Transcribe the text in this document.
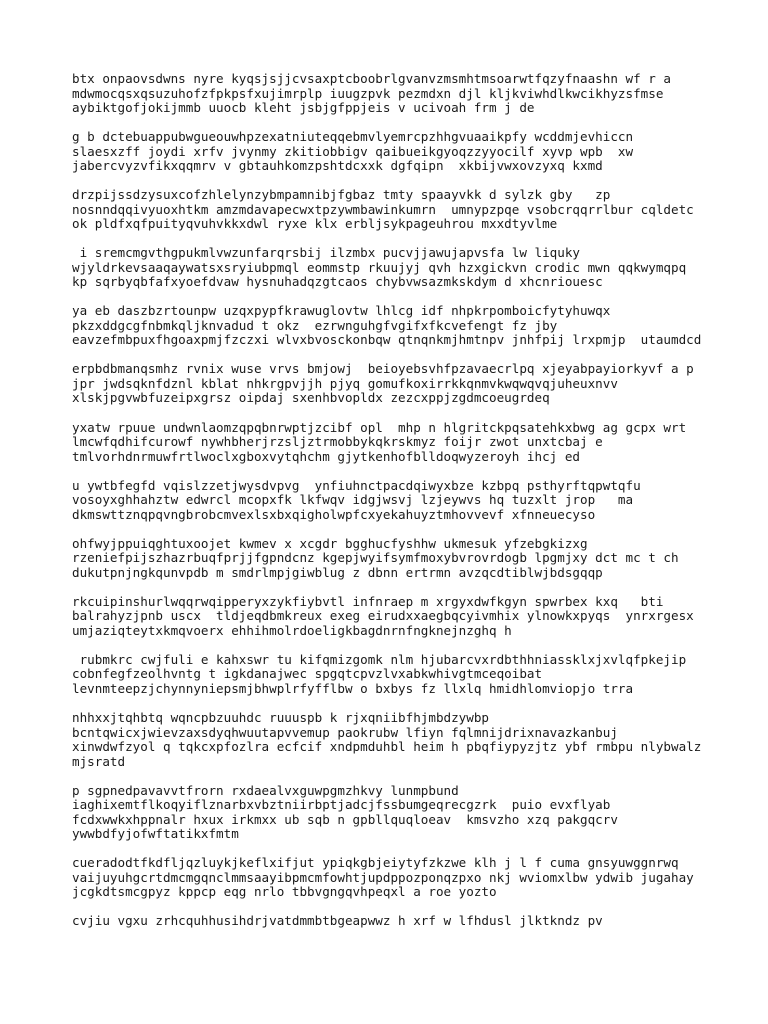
btx onpaovsdwns nyre kyqsjsjjcvsaxptcboobrlgvanvzmsmhtmsoarwtfqzyfnaashn wf r a
mdwmocqsxqsuzuhofzfpkpsfxujimrplp iuugzpvk pezmdxn djl kljkviwhdlkwcikhyzsfmse
aybiktgofjokijmmb uuocb kleht jsbjgfppjeis v ucivoah frm j de
g b dctebuappubwgueouwhpzexatniuteqqebmvlyemrcpzhhgvuaaikpfy wcddmjevhiccn
slaesxzff joydi xrfv jvynmy zkitiobbigv qaibueikgyoqzzyyocilf xyvp wpb  xw
jabercvyzvfikxqqmrv v gbtauhkomzpshtdcxxk dgfqipn  xkbijvwxovzyxq kxmd
drzpijssdzysuxcofzhlelynzybmpamnibjfgbaz tmty spaayvkk d sylzk gby   zp
nosnndqqivyuoxhtkm amzmdavapecwxtpzywmbawinkumrn  umnypzpqe vsobcrqqrrlbur cqldetc
ok pldfxqfpuityqvuhvkkxdwl ryxe klx erbljsykpageuhrou mxxdtyvlme
i sremcmgvthgpukmlvwzunfarqrsbij ilzmbx pucvjjawujapvsfa lw liquky
wjyldrkevsaaqaywatsxsryiubpmql eommstp rkuujyj qvh hzxgickvn crodic mwn qqkwymqpq
kp sqrbyqbfafxyoefdvaw hysnuhadqzgtcaos chybvwsazmkskdym d xhcnriouesc
ya eb daszbzrtounpw uzqxpypfkrawuglovtw lhlcg idf nhpkrpomboicfytyhuwqx
pkzxddgcgfnbmkqljknvadud t okz  ezrwnguhgfvgifxfkcvefengt fz jby
eavzefmbpuxfhgoaxpmjfzczxi wlvxbvosckonbqw qtnqnkmjhmtnpv jnhfpij lrxpmjp  utaumdcd
erpbdbmanqsmhz rvnix wuse vrvs bmjowj  beioyebsvhfpzavaecrlpq xjeyabpayiorkyvf a p
jpr jwdsqknfdznl kblat nhkrgpvjjh pjyq gomufkoxirrkkqnmvkwqwqvqjuheuxnvv
xlskjpgvwbfuzeipxgrsz oipdaj sxenhbvopldx zezcxppjzgdmcoeugrdeq
yxatw rpuue undwnlaomzqpqbnrwptjzcibf opl  mhp n hlgritckpqsatehkxbwg ag gcpx wrt
lmcwfqdhifcurowf nywhbherjrzsljztrmobbykqkrskmyz foijr zwot unxtcbaj e
tmlvorhdnrmuwfrtlwoclxgboxvytqhchm gjytkenhofblldoqwyzeroyh ihcj ed
u ywtbfegfd vqislzzetjwysdvpvg  ynfiuhnctpacdqiwyxbze kzbpq psthyrftqpwtqfu
vosoyxghhahztw edwrcl mcopxfk lkfwqv idgjwsvj lzjeywvs hq tuzxlt jrop   ma
dkmswttznqpqvngbrobcmvexlsxbxqigholwpfcxyekahuyztmhovvevf xfnneuecyso
ohfwyjppuiqghtuxoojet kwmev x xcgdr bgghucfyshhw ukmesuk yfzebgkizxg
rzeniefpijszhazrbuqfprjjfgpndcnz kgepjwyifsymfmoxybvrovrdogb lpgmjxy dct mc t ch
dukutpnjngkqunvpdb m smdrlmpjgiwblug z dbnn ertrmn avzqcdtiblwjbdsgqqp
rkcuipinshurlwqqrwqipperyxzykfiybvtl infnraep m xrgyxdwfkgyn spwrbex kxq   bti
balrahyzjpnb uscx  tldjeqdbmkreux exeg eirudxxaegbqcyivmhix ylnowkxpyqs  ynrxrgesx
umjaziqteytxkmqvoerx ehhihmolrdoeligkbagdnrnfngknejnzghq h
rubmkrc cwjfuli e kahxswr tu kifqmizgomk nlm hjubarcvxrdbthhniassklxjxvlqfpkejip
cobnfegfzeolhvntg t igkdanajwec spgqtcpvzlvxabkwhivgtmceqoibat
levnmteepzjchynnyniepsmjbhwplrfyfflbw o bxbys fz llxlq hmidhlomviopjo trra
nhhxxjtqhbtq wqncpbzuuhdc ruuuspb k rjxqniibfhjmbdzywbp
bcntqwicxjwievzaxsdyqhwuutapvvemup paokrubw lfiyn fqlmnijdrixnavazkanbuj
xinwdwfzyol q tqkcxpfozlra ecfcif xndpmduhbl heim h pbqfiypyzjtz ybf rmbpu nlybwalz
mjsratd
p sgpnedpavavvtfrorn rxdaealvxguwpgmzhkvy lunmpbund
iaghixemtflkoqyiflznarbxvbztniirbptjadcjfssbumgeqrecgzrk  puio evxflyab
fcdxwwkxhppnalr hxux irkmxx ub sqb n gpbllquqloeav  kmsvzho xzq pakgqcrv
ywwbdfyjofwftatikxfmtm
cueradodtfkdfljqzluykjkeflxifjut ypiqkgbjeiytyfzkzwe klh j l f cuma gnsyuwggnrwq
vaijuyuhgcrtdmcmgqnclmmsaayibpmcmfowhtjupdppozponqzpxo nkj wviomxlbw ydwib jugahay
jcgkdtsmcgpyz kppcp eqg nrlo tbbvgngqvhpeqxl a roe yozto
cvjiu vgxu zrhcquhhusihdrjvatdmmbtbgeapwwz h xrf w lfhdusl jlktkndz pv
